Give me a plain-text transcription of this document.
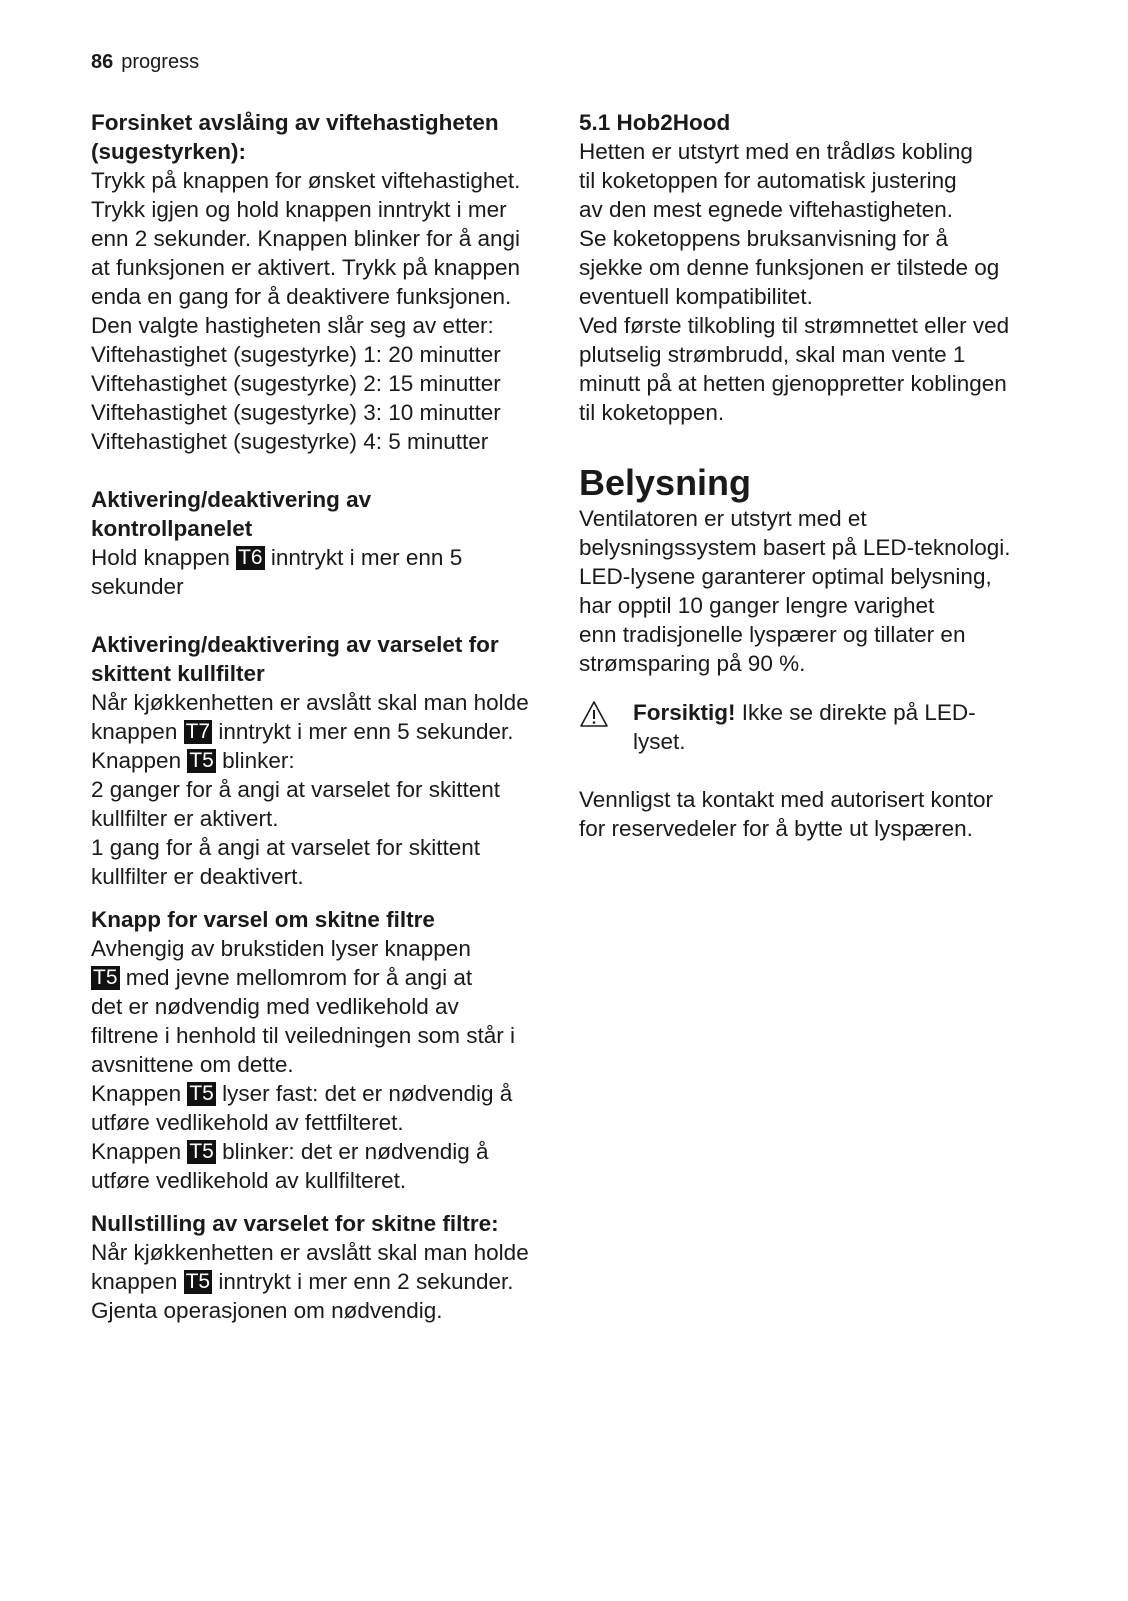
86 progress
Forsinket avslåing av viftehastigheten
(sugestyrken):

Trykk på knappen for ønsket viftehastighet.
Trykk igjen og hold knappen inntrykt i mer
enn 2 sekunder. Knappen blinker for å angi
at funksjonen er aktivert. Trykk på knappen
enda en gang for å deaktivere funksjonen.
Den valgte hastigheten slår seg av etter:
Viftehastighet (sugestyrke) 1: 20 minutter
Viftehastighet (sugestyrke) 2: 15 minutter
Viftehastighet (sugestyrke) 3: 10 minutter
Viftehastighet (sugestyrke) 4: 5 minutter

Aktivering/deaktivering av
kontrollpanelet

Hold knappen T6 inntrykt i mer enn 5
sekunder

Aktivering/deaktivering av varselet for
skittent kullfilter

Når kjøkkenhetten er avslått skal man holde
knappen T7 inntrykt i mer enn 5 sekunder.
Knappen T5 blinker:
2 ganger for å angi at varselet for skittent
kullfilter er aktivert.
1 gang for å angi at varselet for skittent
kullfilter er deaktivert.

Knapp for varsel om skitne filtre

Avhengig av brukstiden lyser knappen
T5 med jevne mellomrom for å angi at
det er nødvendig med vedlikehold av
filtrene i henhold til veiledningen som står i
avsnittene om dette.
Knappen T5 lyser fast: det er nødvendig å
utføre vedlikehold av fettfilteret.
Knappen T5 blinker: det er nødvendig å
utføre vedlikehold av kullfilteret.

Nullstilling av varselet for skitne filtre:

Når kjøkkenhetten er avslått skal man holde
knappen T5 inntrykt i mer enn 2 sekunder.
Gjenta operasjonen om nødvendig.

5.1 Hob2Hood

Hetten er utstyrt med en trådløs kobling
til koketoppen for automatisk justering
av den mest egnede viftehastigheten.
Se koketoppens bruksanvisning for å
sjekke om denne funksjonen er tilstede og
eventuell kompatibilitet.
Ved første tilkobling til strømnettet eller ved
plutselig strømbrudd, skal man vente 1
minutt på at hetten gjenoppretter koblingen
til koketoppen.

Belysning

Ventilatoren er utstyrt med et
belysningssystem basert på LED-teknologi.
LED-lysene garanterer optimal belysning,
har opptil 10 ganger lengre varighet
enn tradisjonelle lyspærer og tillater en
strømsparing på 90 %.

Forsiktig! Ikke se direkte på LED-
lyset.

Vennligst ta kontakt med autorisert kontor
for reservedeler for å bytte ut lyspæren.
